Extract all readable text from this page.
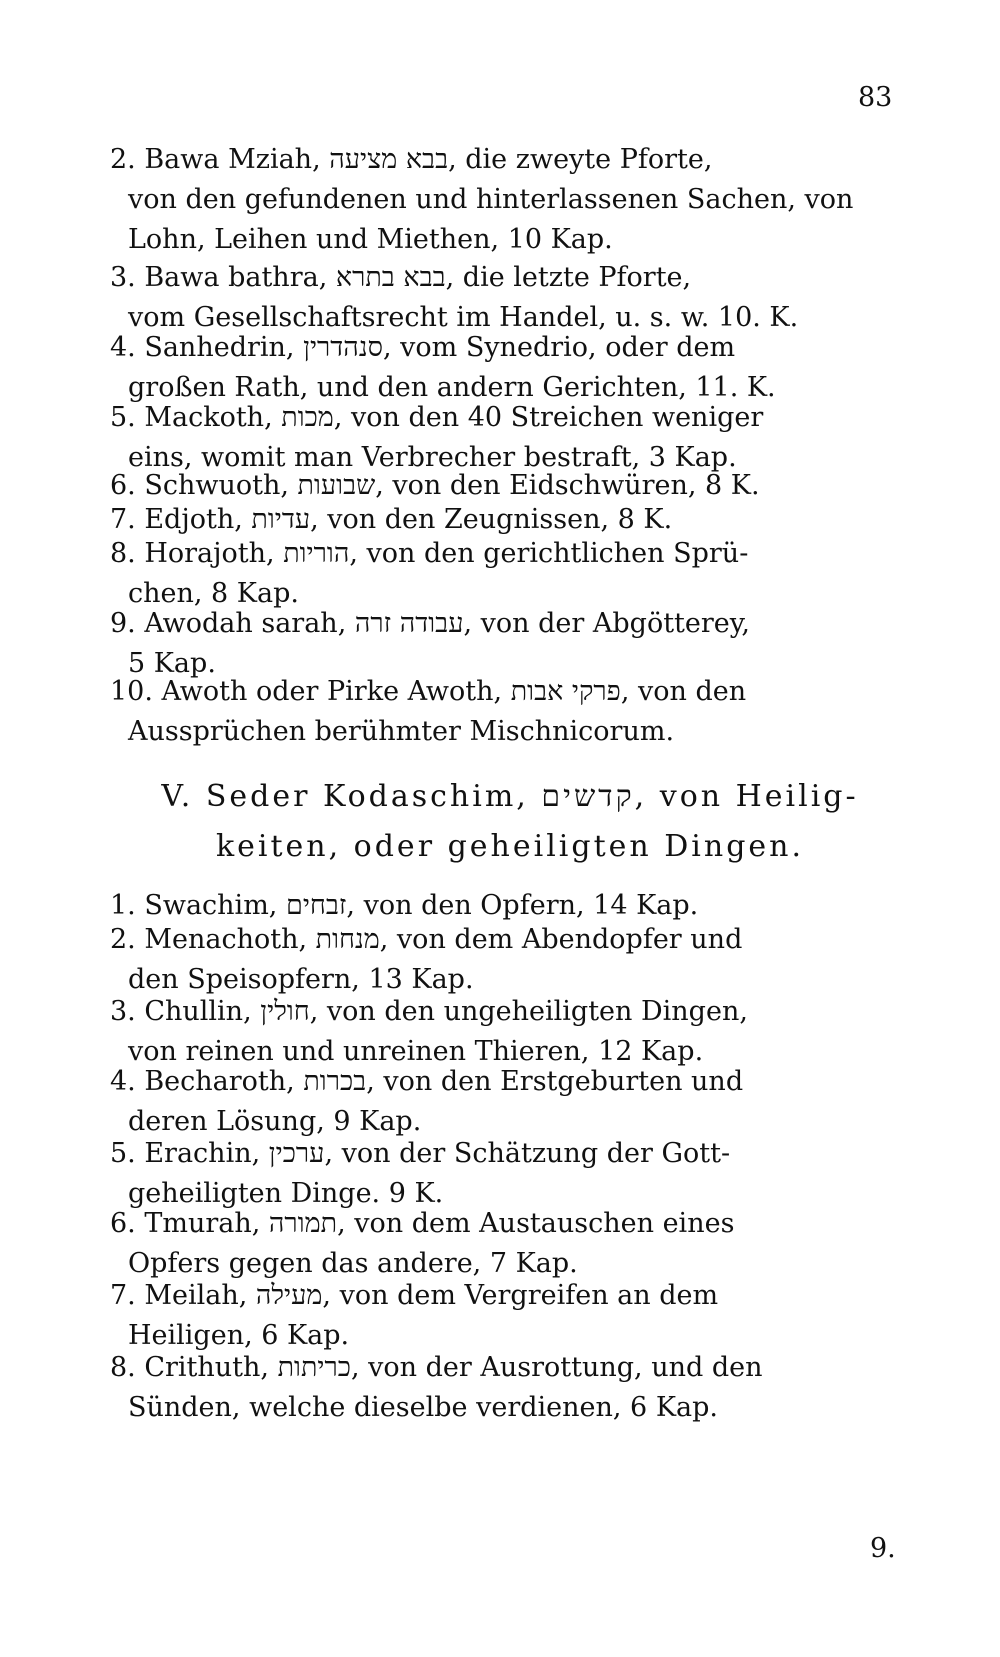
83
2. Bawa Mziah, בבא מציעה, die zweyte Pforte,
von den gefundenen und hinterlassenen Sachen, von
Lohn, Leihen und Miethen, 10 Kap.
3. Bawa bathra, בבא בתרא, die letzte Pforte,
vom Gesellschaftsrecht im Handel, u. s. w. 10. K.
4. Sanhedrin, סנהדרין, vom Synedrio, oder dem
großen Rath, und den andern Gerichten, 11. K.
5. Mackoth, מכות, von den 40 Streichen weniger
eins, womit man Verbrecher bestraft, 3 Kap.
6. Schwuoth, שבועות, von den Eidschwüren, 8 K.
7. Edjoth, עדיות, von den Zeugnissen, 8 K.
8. Horajoth, הוריות, von den gerichtlichen Sprü-
chen, 8 Kap.
9. Awodah sarah, עבודה זרה, von der Abgötterey,
5 Kap.
10. Awoth oder Pirke Awoth, פרקי אבות, von den
Aussprüchen berühmter Mischnicorum.
V. Seder Kodaschim, קדשים, von Heilig-
keiten, oder geheiligten Dingen.
1. Swachim, זבחים, von den Opfern, 14 Kap.
2. Menachoth, מנחות, von dem Abendopfer und
den Speisopfern, 13 Kap.
3. Chullin, חולין, von den ungeheiligten Dingen,
von reinen und unreinen Thieren, 12 Kap.
4. Becharoth, בכרות, von den Erstgeburten und
deren Lösung, 9 Kap.
5. Erachin, ערכין, von der Schätzung der Gott-
geheiligten Dinge. 9 K.
6. Tmurah, תמורה, von dem Austauschen eines
Opfers gegen das andere, 7 Kap.
7. Meilah, מעילה, von dem Vergreifen an dem
Heiligen, 6 Kap.
8. Crithuth, כריתות, von der Ausrottung, und den
Sünden, welche dieselbe verdienen, 6 Kap.
9.
